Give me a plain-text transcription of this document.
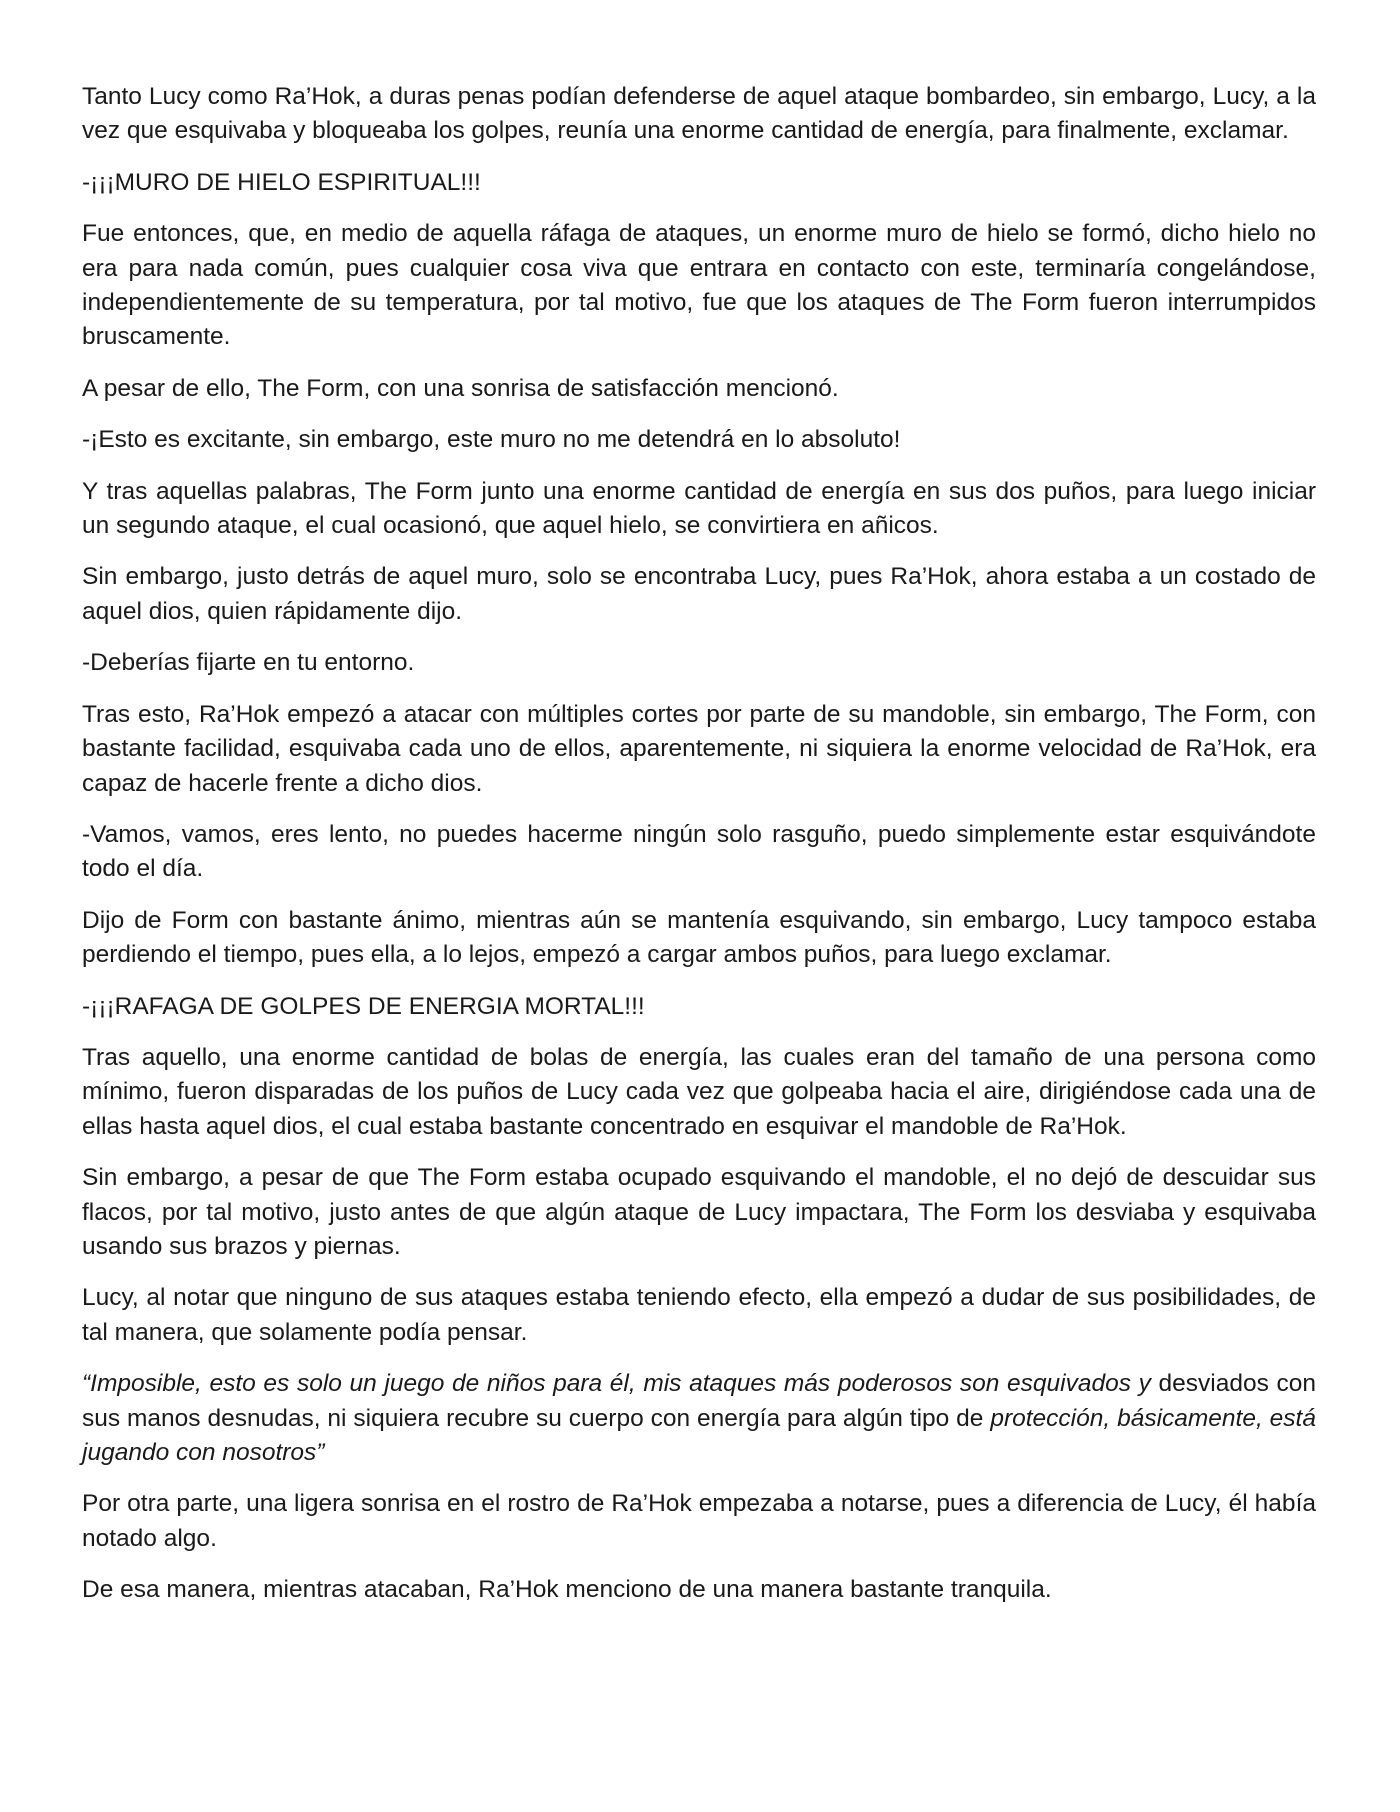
Tanto Lucy como Ra’Hok, a duras penas podían defenderse de aquel ataque bombardeo, sin embargo, Lucy, a la vez que esquivaba y bloqueaba los golpes, reunía una enorme cantidad de energía, para finalmente, exclamar.

-¡¡¡MURO DE HIELO ESPIRITUAL!!!

Fue entonces, que, en medio de aquella ráfaga de ataques, un enorme muro de hielo se formó, dicho hielo no era para nada común, pues cualquier cosa viva que entrara en contacto con este, terminaría congelándose, independientemente de su temperatura, por tal motivo, fue que los ataques de The Form fueron interrumpidos bruscamente.

A pesar de ello, The Form, con una sonrisa de satisfacción mencionó.

-¡Esto es excitante, sin embargo, este muro no me detendrá en lo absoluto!

Y tras aquellas palabras, The Form junto una enorme cantidad de energía en sus dos puños, para luego iniciar un segundo ataque, el cual ocasionó, que aquel hielo, se convirtiera en añicos.

Sin embargo, justo detrás de aquel muro, solo se encontraba Lucy, pues Ra’Hok, ahora estaba a un costado de aquel dios, quien rápidamente dijo.

-Deberías fijarte en tu entorno.

Tras esto, Ra’Hok empezó a atacar con múltiples cortes por parte de su mandoble, sin embargo, The Form, con bastante facilidad, esquivaba cada uno de ellos, aparentemente, ni siquiera la enorme velocidad de Ra’Hok, era capaz de hacerle frente a dicho dios.

-Vamos, vamos, eres lento, no puedes hacerme ningún solo rasguño, puedo simplemente estar esquivándote todo el día.

Dijo de Form con bastante ánimo, mientras aún se mantenía esquivando, sin embargo, Lucy tampoco estaba perdiendo el tiempo, pues ella, a lo lejos, empezó a cargar ambos puños, para luego exclamar.

-¡¡¡RAFAGA DE GOLPES DE ENERGIA MORTAL!!!

Tras aquello, una enorme cantidad de bolas de energía, las cuales eran del tamaño de una persona como mínimo, fueron disparadas de los puños de Lucy cada vez que golpeaba hacia el aire, dirigiéndose cada una de ellas hasta aquel dios, el cual estaba bastante concentrado en esquivar el mandoble de Ra’Hok.

Sin embargo, a pesar de que The Form estaba ocupado esquivando el mandoble, el no dejó de descuidar sus flacos, por tal motivo, justo antes de que algún ataque de Lucy impactara, The Form los desviaba y esquivaba usando sus brazos y piernas.

Lucy, al notar que ninguno de sus ataques estaba teniendo efecto, ella empezó a dudar de sus posibilidades, de tal manera, que solamente podía pensar.

“Imposible, esto es solo un juego de niños para él, mis ataques más poderosos son esquivados y desviados con sus manos desnudas, ni siquiera recubre su cuerpo con energía para algún tipo de protección, básicamente, está jugando con nosotros”

Por otra parte, una ligera sonrisa en el rostro de Ra’Hok empezaba a notarse, pues a diferencia de Lucy, él había notado algo.

De esa manera, mientras atacaban, Ra’Hok menciono de una manera bastante tranquila.
